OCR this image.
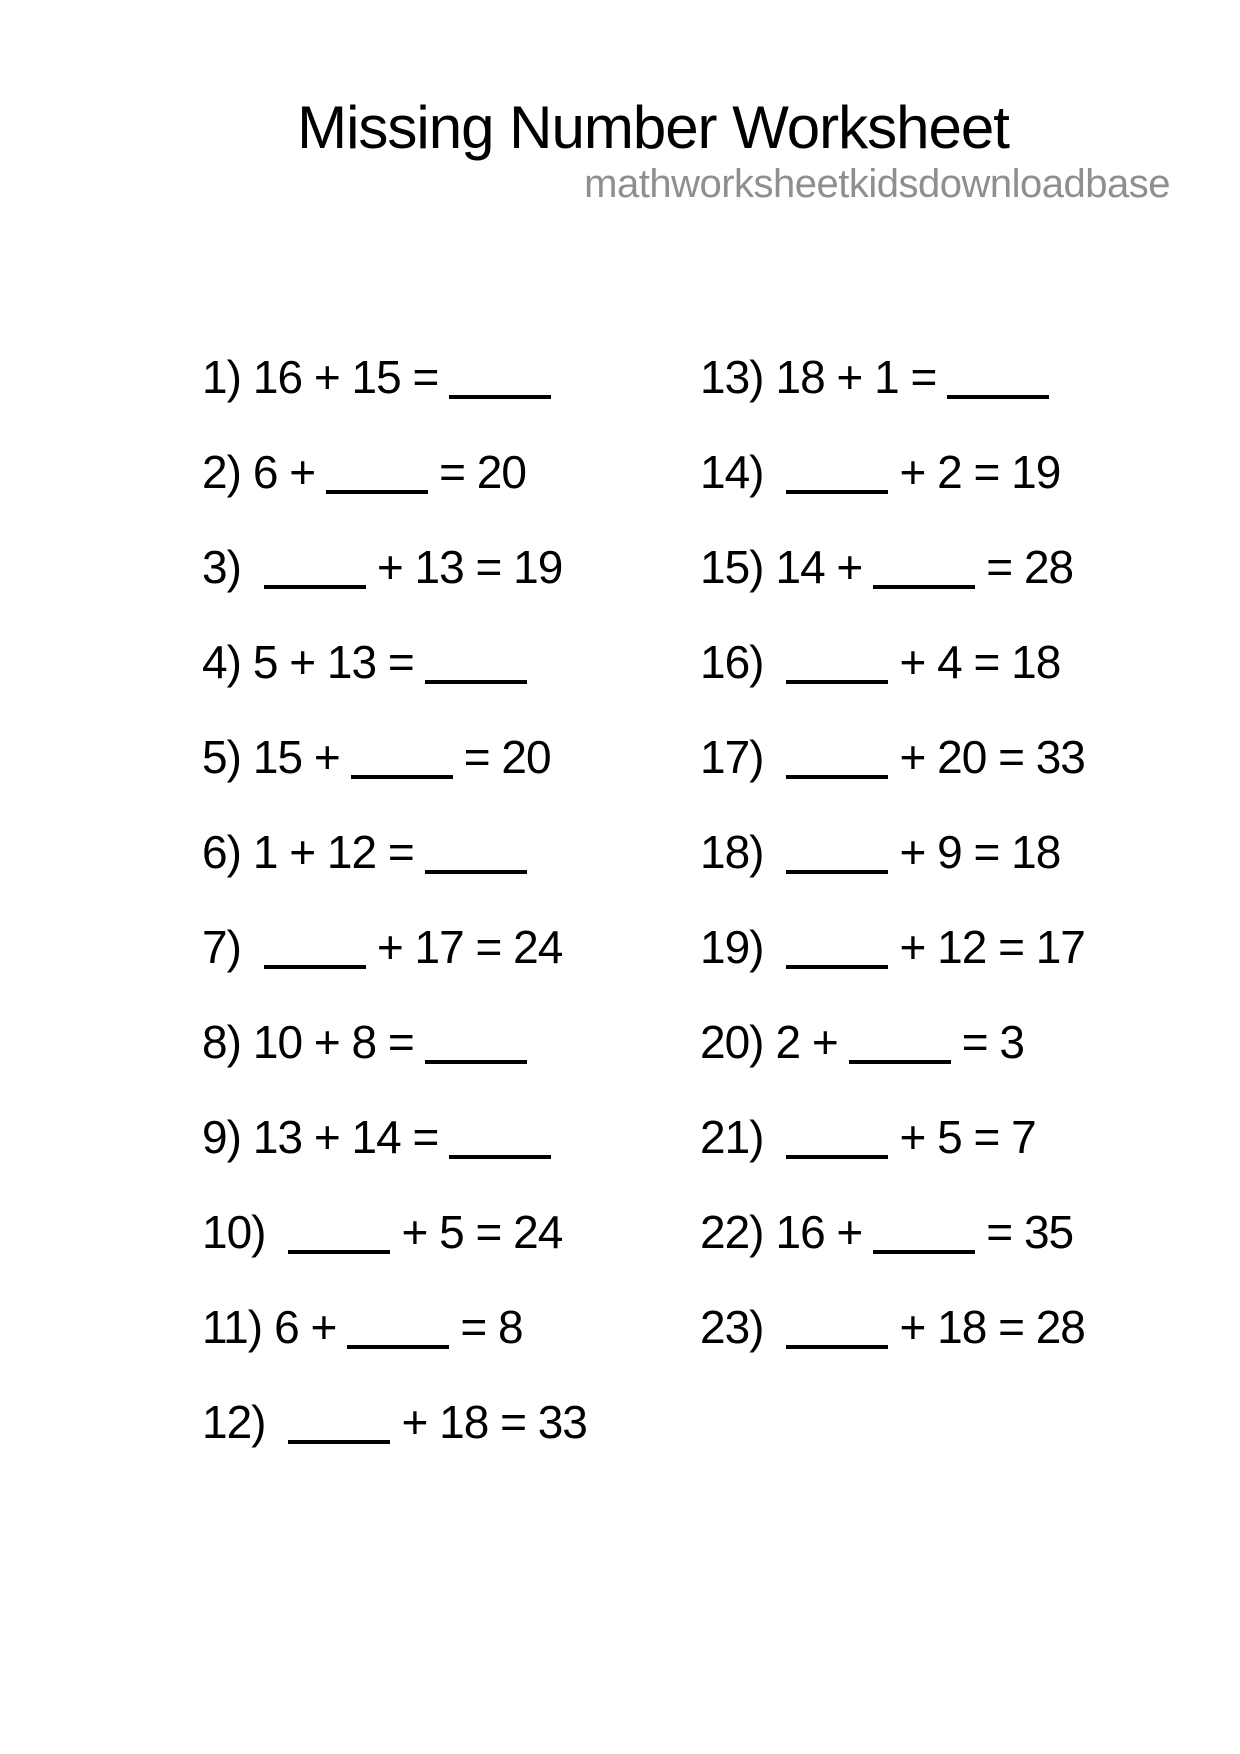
Missing Number Worksheet
mathworksheetkidsdownloadbase
1) 16 + 15 =
2) 6 +	= 20
3)	+ 13 = 19
4) 5 + 13 =
5) 15 +	= 20
6) 1 + 12 =
7)	+ 17 = 24
8) 10 + 8 =
9) 13 + 14 =
10)	+ 5 = 24
11) 6 +	= 8
12)	+ 18 = 33
13) 18 + 1 =
14)	+ 2 = 19
15) 14 +	= 28
16)	+ 4 = 18
17)	+ 20 = 33
18)	+ 9 = 18
19)	+ 12 = 17
20) 2 +	= 3
21)	+ 5 = 7
22) 16 +	= 35
23)	+ 18 = 28
